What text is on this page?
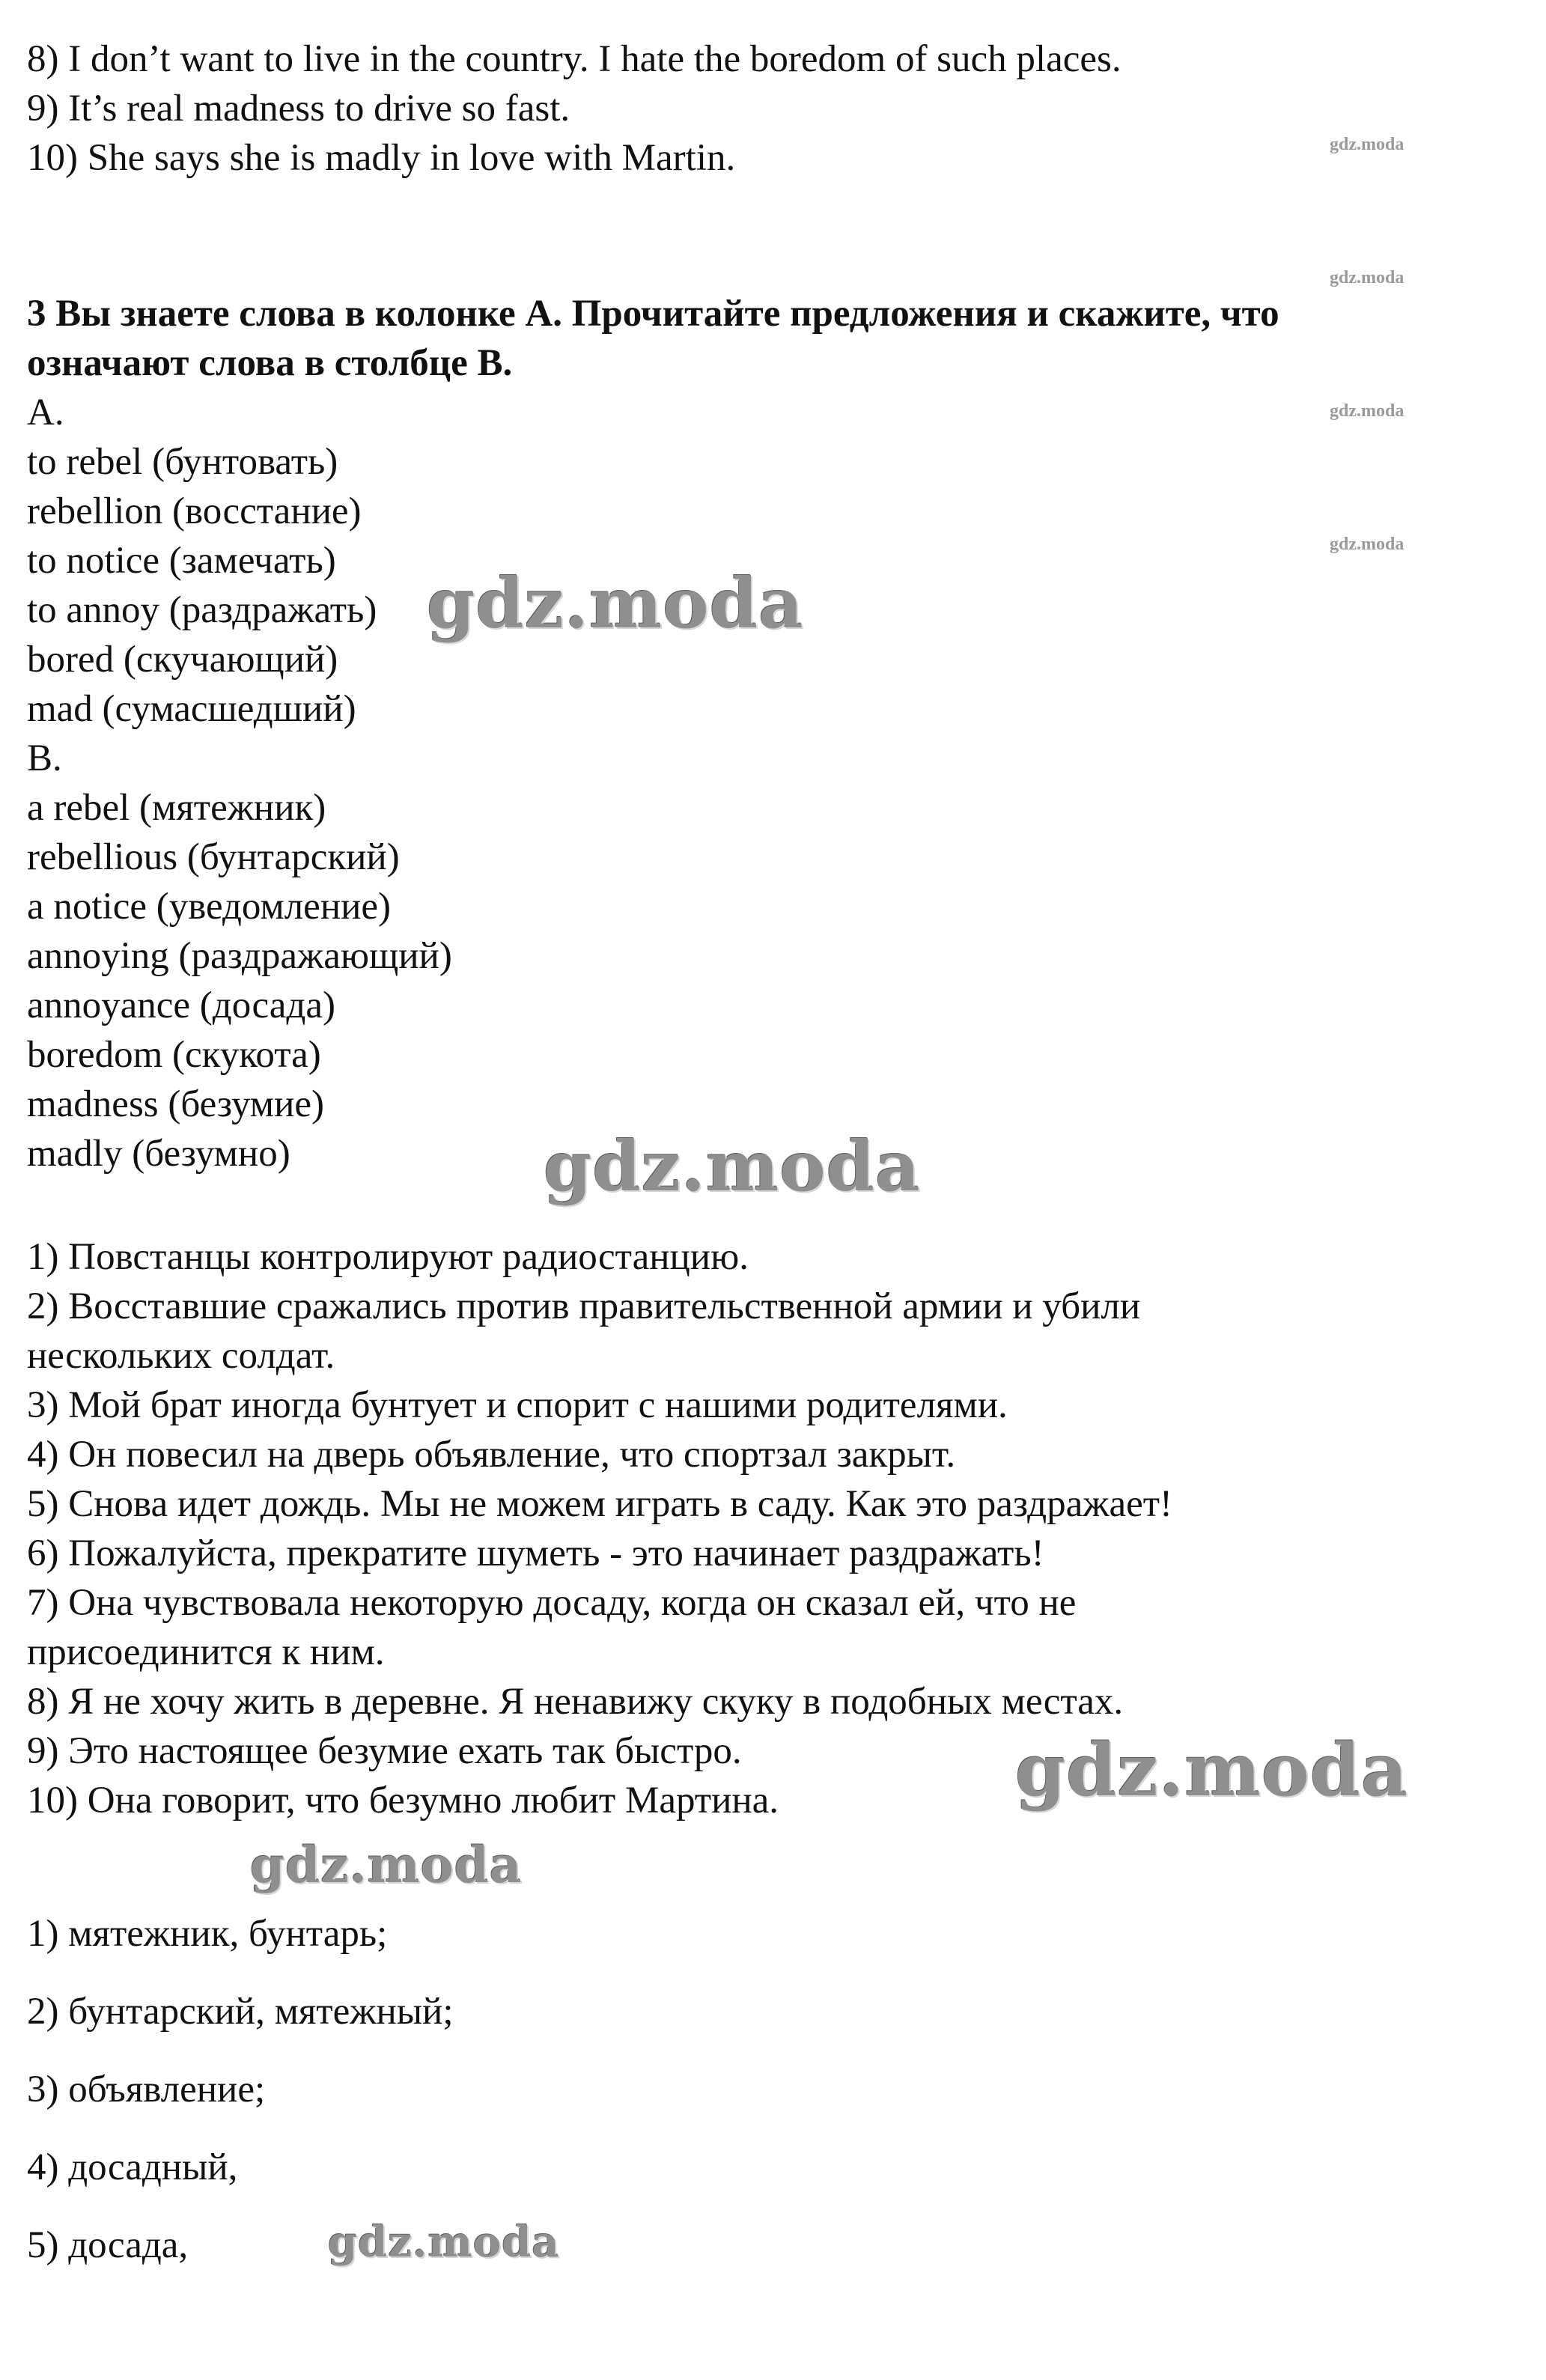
8) I don’t want to live in the country. I hate the boredom of such places.
9) It’s real madness to drive so fast.
10) She says she is madly in love with Martin.
3 Вы знаете слова в колонке A. Прочитайте предложения и скажите, что
означают слова в столбце B.
A.
to rebel (бунтовать)
rebellion (восстание)
to notice (замечать)
to annoy (раздражать)
bored (скучающий)
mad (сумасшедший)
B.
a rebel (мятежник)
rebellious (бунтарский)
a notice (уведомление)
annoying (раздражающий)
annoyance (досада)
boredom (скукота)
madness (безумие)
madly (безумно)
1) Повстанцы контролируют радиостанцию.
2) Восставшие сражались против правительственной армии и убили
нескольких солдат.
3) Мой брат иногда бунтует и спорит с нашими родителями.
4) Он повесил на дверь объявление, что спортзал закрыт.
5) Снова идет дождь. Мы не можем играть в саду. Как это раздражает!
6) Пожалуйста, прекратите шуметь - это начинает раздражать!
7) Она чувствовала некоторую досаду, когда он сказал ей, что не
присоединится к ним.
8) Я не хочу жить в деревне. Я ненавижу скуку в подобных местах.
9) Это настоящее безумие ехать так быстро.
10) Она говорит, что безумно любит Мартина.
1) мятежник, бунтарь;
2) бунтарский, мятежный;
3) объявление;
4) досадный,
5) досада,
gdz.moda
gdz.moda
gdz.moda
gdz.moda
gdz.moda
gdz.moda
gdz.moda
gdz.moda
gdz.moda
